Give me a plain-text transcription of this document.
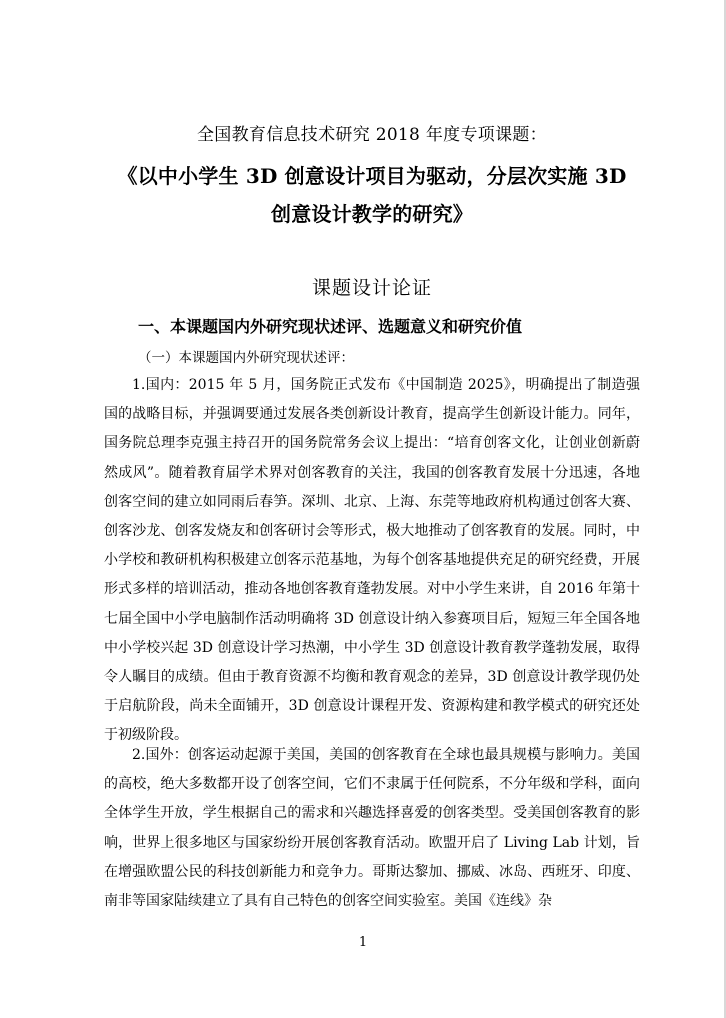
全国教育信息技术研究 2018 年度专项课题：
《以中小学生 3D 创意设计项目为驱动，分层次实施 3D 创意设计教学的研究》
课题设计论证
一、本课题国内外研究现状述评、选题意义和研究价值
（一）本课题国内外研究现状述评：

1.国内：2015 年 5 月，国务院正式发布《中国制造 2025》，明确提出了制造强国的战略目标，并强调要通过发展各类创新设计教育，提高学生创新设计能力。同年，国务院总理李克强主持召开的国务院常务会议上提出：“培育创客文化，让创业创新蔚然成风”。随着教育届学术界对创客教育的关注，我国的创客教育发展十分迅速，各地创客空间的建立如同雨后春笋。深圳、北京、上海、东莞等地政府机构通过创客大赛、创客沙龙、创客发烧友和创客研讨会等形式，极大地推动了创客教育的发展。同时，中小学校和教研机构积极建立创客示范基地，为每个创客基地提供充足的研究经费，开展形式多样的培训活动，推动各地创客教育蓬勃发展。对中小学生来讲，自 2016 年第十七届全国中小学电脑制作活动明确将 3D 创意设计纳入参赛项目后，短短三年全国各地中小学校兴起 3D 创意设计学习热潮，中小学生 3D 创意设计教育教学蓬勃发展，取得令人瞩目的成绩。但由于教育资源不均衡和教育观念的差异，3D 创意设计教学现仍处于启航阶段，尚未全面铺开，3D 创意设计课程开发、资源构建和教学模式的研究还处于初级阶段。

2.国外：创客运动起源于美国，美国的创客教育在全球也最具规模与影响力。美国的高校，绝大多数都开设了创客空间，它们不隶属于任何院系，不分年级和学科，面向全体学生开放，学生根据自己的需求和兴趣选择喜爱的创客类型。受美国创客教育的影响，世界上很多地区与国家纷纷开展创客教育活动。欧盟开启了 Living Lab 计划，旨在增强欧盟公民的科技创新能力和竞争力。哥斯达黎加、挪威、冰岛、西班牙、印度、南非等国家陆续建立了具有自己特色的创客空间实验室。美国《连线》杂

1
